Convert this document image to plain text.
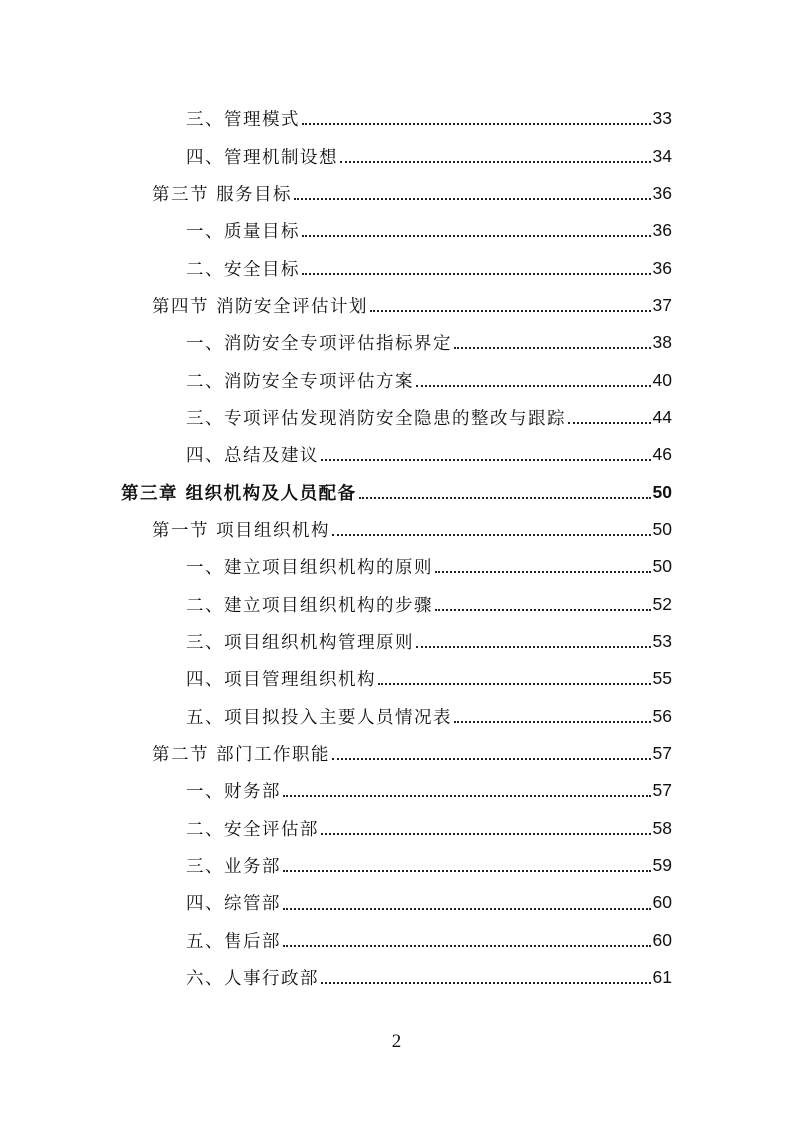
三、管理模式	33
四、管理机制设想	34
第三节 服务目标	36
一、质量目标	36
二、安全目标	36
第四节 消防安全评估计划	37
一、消防安全专项评估指标界定	38
二、消防安全专项评估方案	40
三、专项评估发现消防安全隐患的整改与跟踪	44
四、总结及建议	46
第三章 组织机构及人员配备	50
第一节 项目组织机构	50
一、建立项目组织机构的原则	50
二、建立项目组织机构的步骤	52
三、项目组织机构管理原则	53
四、项目管理组织机构	55
五、项目拟投入主要人员情况表	56
第二节 部门工作职能	57
一、财务部	57
二、安全评估部	58
三、业务部	59
四、综管部	60
五、售后部	60
六、人事行政部	61
2
